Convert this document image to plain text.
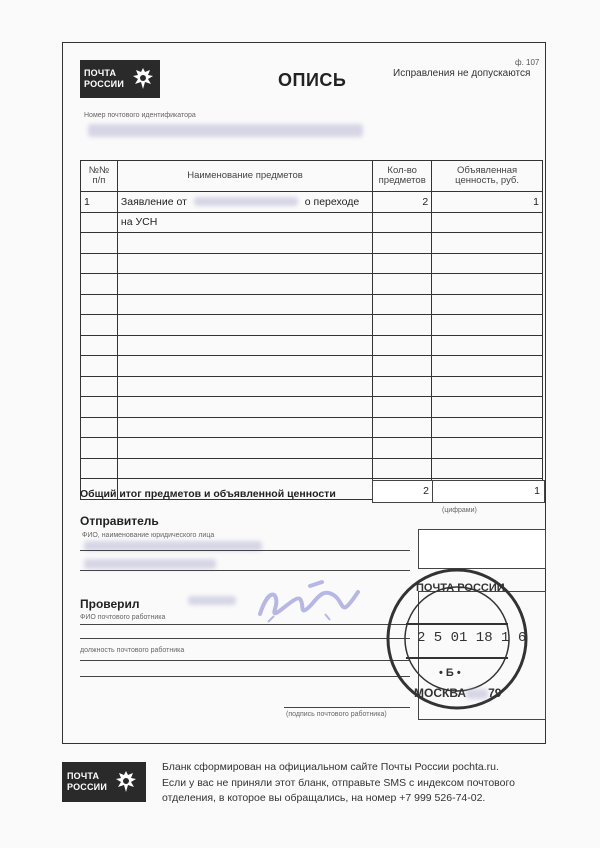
ПОЧТА
РОССИИ	ОПИСЬ
ф. 107
Исправления не допускаются
Номер почтового идентификатора
№№ п/п	Наименование предметов	Кол-во предметов	Объявленная ценность, руб.
1	Заявление от о переходе	2	1
	на УСН		

Общий итог предметов и объявленной ценности	2	1
(цифрами)
Отправитель
ФИО, наименование юридического лица
Проверил
ФИО почтового работника
должность почтового работника
(подпись почтового работника)
ПОЧТА РОССИИ
2 5 01 18 1 6
• Б •
МОСКВА 79
ПОЧТА
РОССИИ
Бланк сформирован на официальном сайте Почты России pochta.ru.
Если у вас не приняли этот бланк, отправьте SMS с индексом почтового
отделения, в которое вы обращались, на номер +7 999 526-74-02.
